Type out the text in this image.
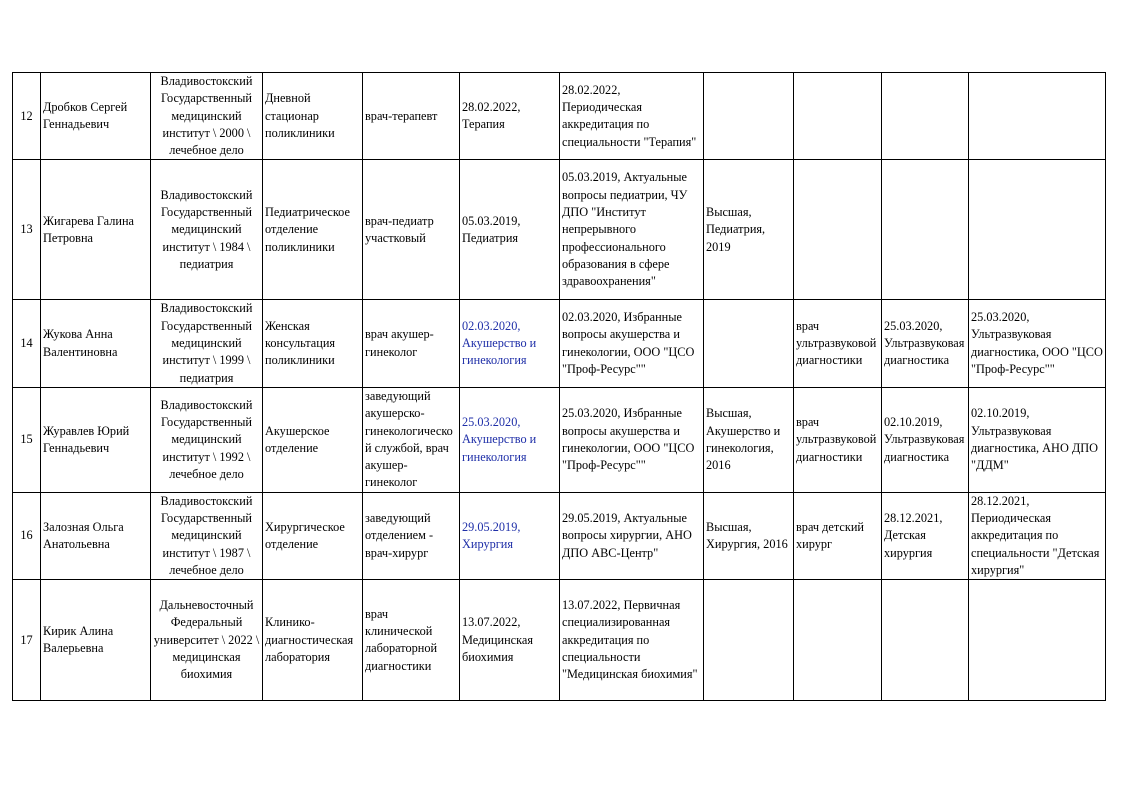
12	Дробков Сергей Геннадьевич	Владивостокский Государственный медицинский институт \ 2000 \ лечебное дело	Дневной стационар поликлиники	врач-терапевт	28.02.2022, Терапия	28.02.2022, Периодическая аккредитация по специальности "Терапия"				
13	Жигарева Галина Петровна	Владивостокский Государственный медицинский институт \ 1984 \ педиатрия	Педиатрическое отделение поликлиники	врач-педиатр участковый	05.03.2019, Педиатрия	05.03.2019, Актуальные вопросы педиатрии, ЧУ ДПО "Институт непрерывного профессионального образования в сфере здравоохранения"	Высшая, Педиатрия, 2019			
14	Жукова Анна Валентиновна	Владивостокский Государственный медицинский институт \ 1999 \ педиатрия	Женская консультация поликлиники	врач акушер-гинеколог	02.03.2020, Акушерство и гинекология	02.03.2020, Избранные вопросы акушерства и гинекологии, ООО "ЦСО "Проф-Ресурс""		врач ультразвуковой диагностики	25.03.2020, Ультразвуковая диагностика	25.03.2020, Ультразвуковая диагностика, ООО "ЦСО "Проф-Ресурс""
15	Журавлев Юрий Геннадьевич	Владивостокский Государственный медицинский институт \ 1992 \ лечебное дело	Акушерское отделение	заведующий акушерско-гинекологической службой, врач акушер-гинеколог	25.03.2020, Акушерство и гинекология	25.03.2020, Избранные вопросы акушерства и гинекологии, ООО "ЦСО "Проф-Ресурс""	Высшая, Акушерство и гинекология, 2016	врач ультразвуковой диагностики	02.10.2019, Ультразвуковая диагностика	02.10.2019, Ультразвуковая диагностика, АНО ДПО "ДДМ"
16	Залозная Ольга Анатольевна	Владивостокский Государственный медицинский институт \ 1987 \ лечебное дело	Хирургическое отделение	заведующий отделением - врач-хирург	29.05.2019, Хирургия	29.05.2019, Актуальные вопросы хирургии, АНО ДПО АВС-Центр"	Высшая, Хирургия, 2016	врач детский хирург	28.12.2021, Детская хирургия	28.12.2021, Периодическая аккредитация по специальности "Детская хирургия"
17	Кирик Алина Валерьевна	Дальневосточный Федеральный университет \ 2022 \ медицинская биохимия	Клинико-диагностическая лаборатория	врач клинической лабораторной диагностики	13.07.2022, Медицинская биохимия	13.07.2022, Первичная специализированная аккредитация по специальности "Медицинская биохимия"				
